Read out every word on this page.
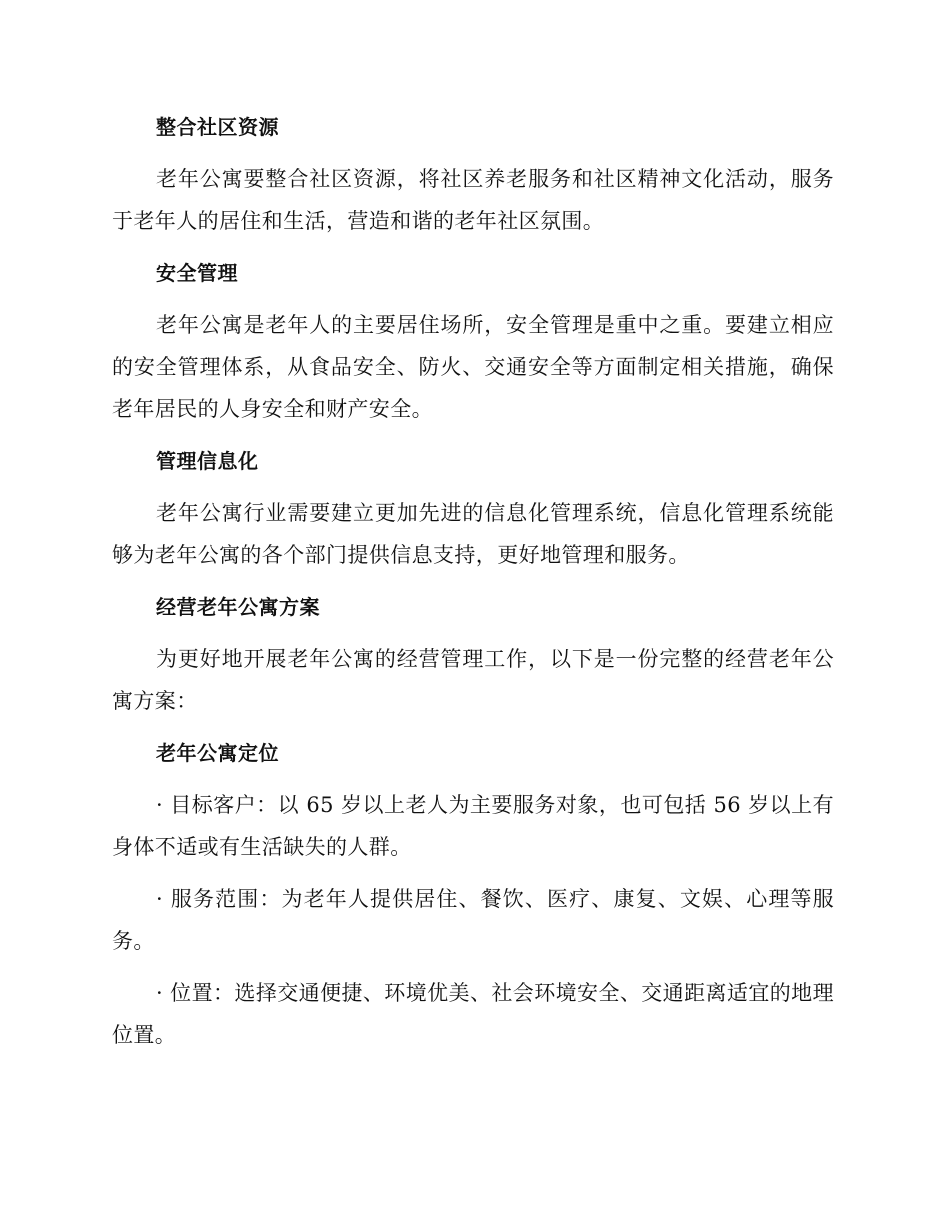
整合社区资源

老年公寓要整合社区资源，将社区养老服务和社区精神文化活动，服务于老年人的居住和生活，营造和谐的老年社区氛围。

安全管理

老年公寓是老年人的主要居住场所，安全管理是重中之重。要建立相应的安全管理体系，从食品安全、防火、交通安全等方面制定相关措施，确保老年居民的人身安全和财产安全。

管理信息化

老年公寓行业需要建立更加先进的信息化管理系统，信息化管理系统能够为老年公寓的各个部门提供信息支持，更好地管理和服务。

经营老年公寓方案

为更好地开展老年公寓的经营管理工作，以下是一份完整的经营老年公寓方案：

老年公寓定位

· 目标客户：以 65 岁以上老人为主要服务对象，也可包括 56 岁以上有身体不适或有生活缺失的人群。

· 服务范围：为老年人提供居住、餐饮、医疗、康复、文娱、心理等服务。

· 位置：选择交通便捷、环境优美、社会环境安全、交通距离适宜的地理位置。
